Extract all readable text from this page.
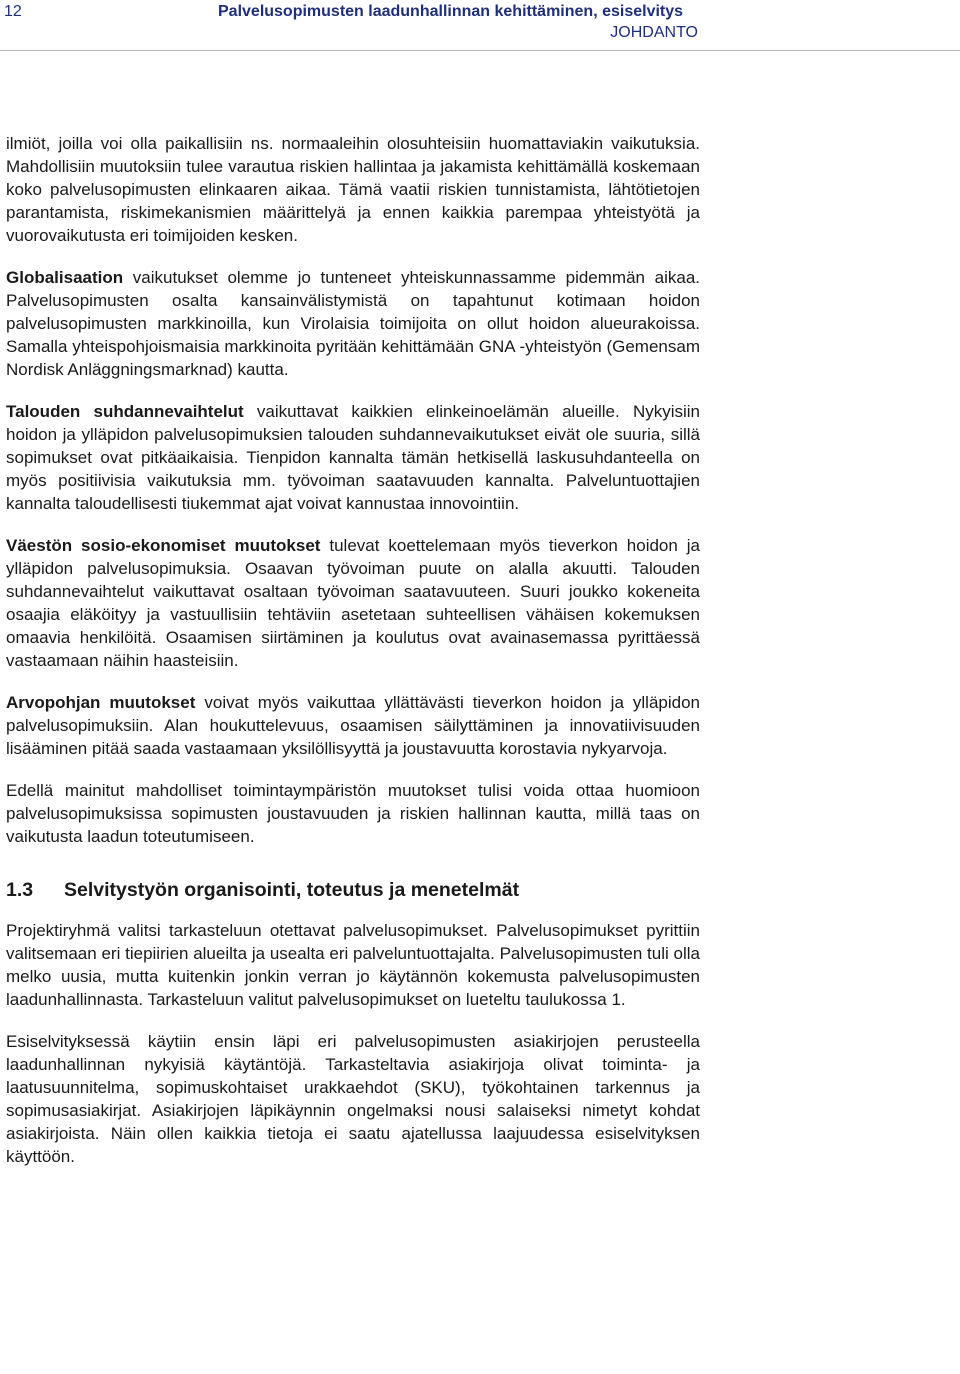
12	Palvelusopimusten laadunhallinnan kehittäminen, esiselvitys
JOHDANTO

ilmiöt, joilla voi olla paikallisiin ns. normaaleihin olosuhteisiin huomattaviakin vaikutuksia. Mahdollisiin muutoksiin tulee varautua riskien hallintaa ja jakamista kehittämällä koskemaan koko palvelusopimusten elinkaaren aikaa. Tämä vaatii riskien tunnistamista, lähtötietojen parantamista, riskimekanismien määrittelyä ja ennen kaikkia parempaa yhteistyötä ja vuorovaikutusta eri toimijoiden kesken.

Globalisaation vaikutukset olemme jo tunteneet yhteiskunnassamme pidemmän aikaa. Palvelusopimusten osalta kansainvälistymistä on tapahtunut kotimaan hoidon palvelusopimusten markkinoilla, kun Virolaisia toimijoita on ollut hoidon alueurakoissa. Samalla yhteispohjoismaisia markkinoita pyritään kehittämään GNA -yhteistyön (Gemensam Nordisk Anläggningsmarknad) kautta.

Talouden suhdannevaihtelut vaikuttavat kaikkien elinkeinoelämän alueille. Nykyisiin hoidon ja ylläpidon palvelusopimuksien talouden suhdannevaikutukset eivät ole suuria, sillä sopimukset ovat pitkäaikaisia. Tienpidon kannalta tämän hetkisellä laskusuhdanteella on myös positiivisia vaikutuksia mm. työvoiman saatavuuden kannalta. Palveluntuottajien kannalta taloudellisesti tiukemmat ajat voivat kannustaa innovointiin.

Väestön sosio-ekonomiset muutokset tulevat koettelemaan myös tieverkon hoidon ja ylläpidon palvelusopimuksia. Osaavan työvoiman puute on alalla akuutti. Talouden suhdannevaihtelut vaikuttavat osaltaan työvoiman saatavuuteen. Suuri joukko kokeneita osaajia eläköityy ja vastuullisiin tehtäviin asetetaan suhteellisen vähäisen kokemuksen omaavia henkilöitä. Osaamisen siirtäminen ja koulutus ovat avainasemassa pyrittäessä vastaamaan näihin haasteisiin.

Arvopohjan muutokset voivat myös vaikuttaa yllättävästi tieverkon hoidon ja ylläpidon palvelusopimuksiin. Alan houkuttelevuus, osaamisen säilyttäminen ja innovatiivisuuden lisääminen pitää saada vastaamaan yksilöllisyyttä ja joustavuutta korostavia nykyarvoja.

Edellä mainitut mahdolliset toimintaympäristön muutokset tulisi voida ottaa huomioon palvelusopimuksissa sopimusten joustavuuden ja riskien hallinnan kautta, millä taas on vaikutusta laadun toteutumiseen.

1.3 Selvitystyön organisointi, toteutus ja menetelmät

Projektiryhmä valitsi tarkasteluun otettavat palvelusopimukset. Palvelusopimukset pyrittiin valitsemaan eri tiepiirien alueilta ja usealta eri palveluntuottajalta. Palvelusopimusten tuli olla melko uusia, mutta kuitenkin jonkin verran jo käytännön kokemusta palvelusopimusten laadunhallinnasta. Tarkasteluun valitut palvelusopimukset on lueteltu taulukossa 1.

Esiselvityksessä käytiin ensin läpi eri palvelusopimusten asiakirjojen perusteella laadunhallinnan nykyisiä käytäntöjä. Tarkasteltavia asiakirjoja olivat toiminta- ja laatusuunnitelma, sopimuskohtaiset urakkaehdot (SKU), työkohtainen tarkennus ja sopimusasiakirjat. Asiakirjojen läpikäynnin ongelmaksi nousi salaiseksi nimetyt kohdat asiakirjoista. Näin ollen kaikkia tietoja ei saatu ajatellussa laajuudessa esiselvityksen käyttöön.
